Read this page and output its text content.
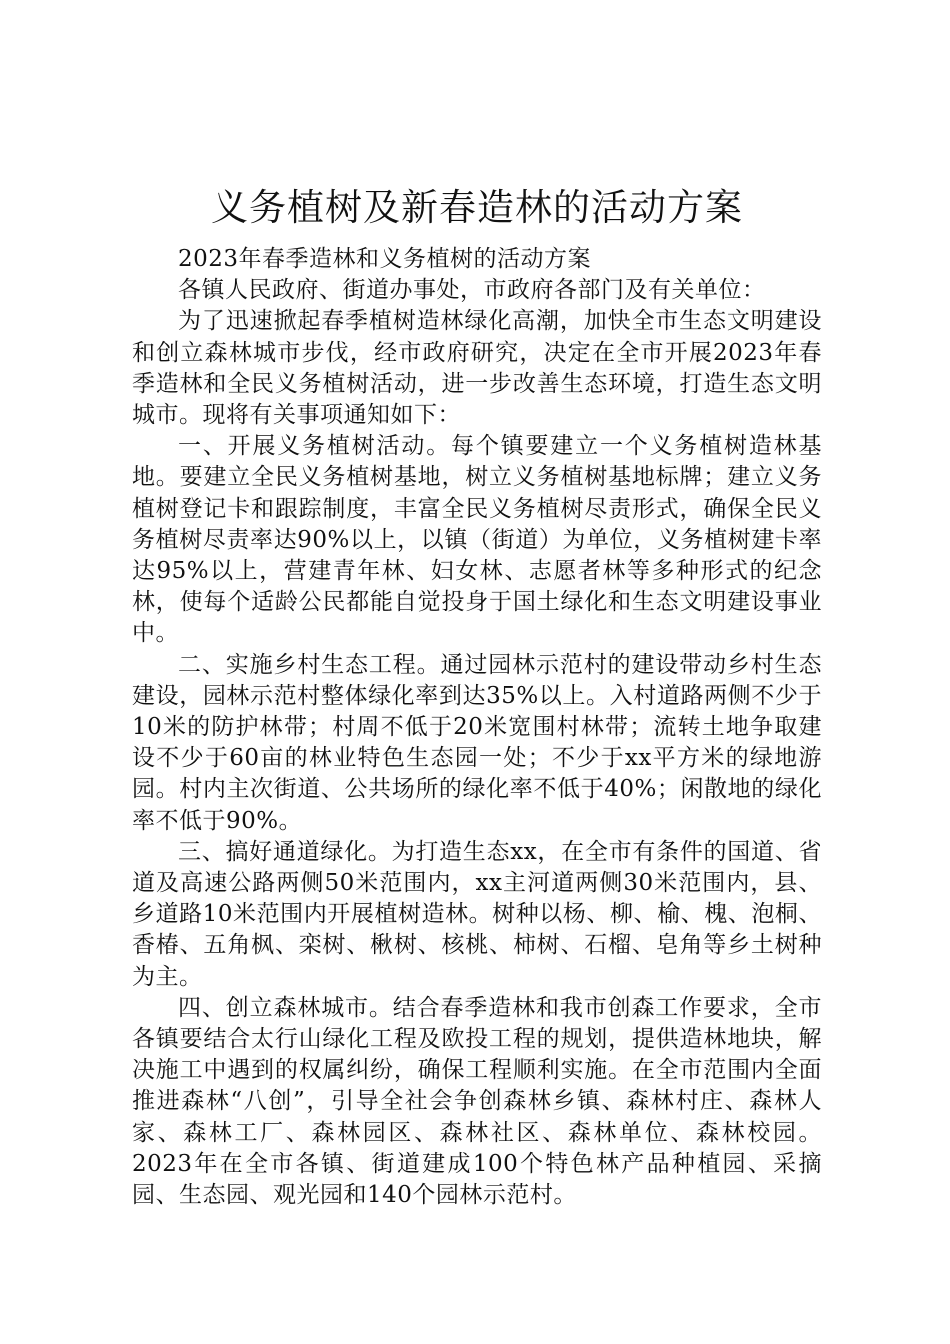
义务植树及新春造林的活动方案

2023年春季造林和义务植树的活动方案

各镇人民政府、街道办事处，市政府各部门及有关单位：

为了迅速掀起春季植树造林绿化高潮，加快全市生态文明建设和创立森林城市步伐，经市政府研究，决定在全市开展2023年春季造林和全民义务植树活动，进一步改善生态环境，打造生态文明城市。现将有关事项通知如下：

一、开展义务植树活动。每个镇要建立一个义务植树造林基地。要建立全民义务植树基地，树立义务植树基地标牌；建立义务植树登记卡和跟踪制度，丰富全民义务植树尽责形式，确保全民义务植树尽责率达90%以上，以镇（街道）为单位，义务植树建卡率达95%以上，营建青年林、妇女林、志愿者林等多种形式的纪念林，使每个适龄公民都能自觉投身于国土绿化和生态文明建设事业中。

二、实施乡村生态工程。通过园林示范村的建设带动乡村生态建设，园林示范村整体绿化率到达35%以上。入村道路两侧不少于10米的防护林带；村周不低于20米宽围村林带；流转土地争取建设不少于60亩的林业特色生态园一处；不少于xx平方米的绿地游园。村内主次街道、公共场所的绿化率不低于40%；闲散地的绿化率不低于90%。

三、搞好通道绿化。为打造生态xx，在全市有条件的国道、省道及高速公路两侧50米范围内，xx主河道两侧30米范围内，县、乡道路10米范围内开展植树造林。树种以杨、柳、榆、槐、泡桐、香椿、五角枫、栾树、楸树、核桃、柿树、石榴、皂角等乡土树种为主。

四、创立森林城市。结合春季造林和我市创森工作要求，全市各镇要结合太行山绿化工程及欧投工程的规划，提供造林地块，解决施工中遇到的权属纠纷，确保工程顺利实施。在全市范围内全面推进森林“八创”，引导全社会争创森林乡镇、森林村庄、森林人家、森林工厂、森林园区、森林社区、森林单位、森林校园。2023年在全市各镇、街道建成100个特色林产品种植园、采摘园、生态园、观光园和140个园林示范村。
